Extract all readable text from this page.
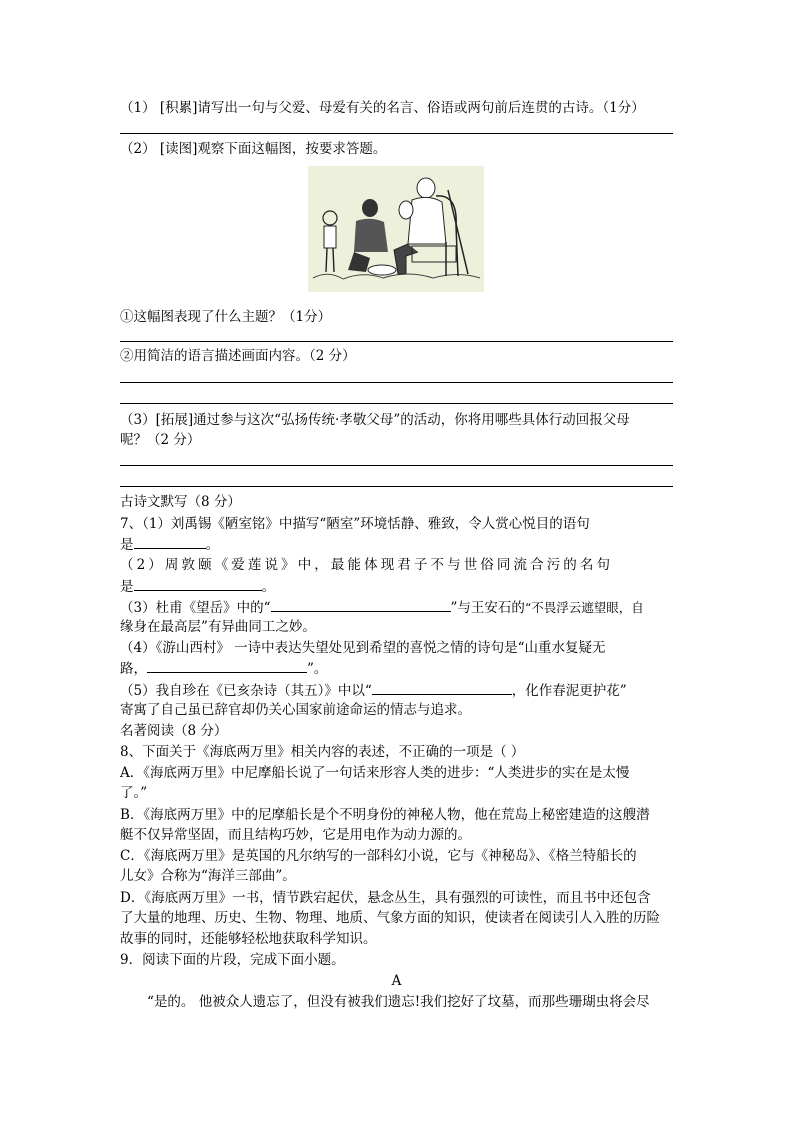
（1） [积累]请写出一句与父爱、母爱有关的名言、俗语或两句前后连贯的古诗。（1分）
（2） [读图]观察下面这幅图，按要求答题。
①这幅图表现了什么主题？（1分）
②用简洁的语言描述画面内容。（2 分）
（3）[拓展]通过参与这次“弘扬传统·孝敬父母”的活动，你将用哪些具体行动回报父母
呢？（2 分）
古诗文默写（8 分）
7、（1）刘禹锡《陋室铭》中描写“陋室”环境恬静、雅致，令人赏心悦目的语句
是	。
（2）周敦颐《爱莲说》中，最能体现君子不与世俗同流合污的名句
是	。
（3）杜甫《望岳》中的“	”与王安石的“不畏浮云遮望眼，自
缘身在最高层”有异曲同工之妙。
（4）《游山西村》 一诗中表达失望处见到希望的喜悦之情的诗句是“山重水复疑无
路，	”。
（5）我自珍在《已亥杂诗（其五）》中以“	，化作春泥更护花”
寄寓了自己虽已辞官却仍关心国家前途命运的情志与追求。
名著阅读（8 分）
8、下面关于《海底两万里》相关内容的表述，不正确的一项是（ ）
A．《海底两万里》中尼摩船长说了一句话来形容人类的进步：“人类进步的实在是太慢
了。”
B．《海底两万里》中的尼摩船长是个不明身份的神秘人物，他在荒岛上秘密建造的这艘潜
艇不仅异常坚固，而且结构巧妙，它是用电作为动力源的。
C．《海底两万里》是英国的凡尔纳写的一部科幻小说，它与《神秘岛》、《格兰特船长的
儿女》合称为“海洋三部曲”。
D．《海底两万里》一书，情节跌宕起伏，悬念丛生，具有强烈的可读性，而且书中还包含
了大量的地理、历史、生物、物理、地质、气象方面的知识，使读者在阅读引人入胜的历险
故事的同时，还能够轻松地获取科学知识。
9．阅读下面的片段，完成下面小题。
A
“是的。 他被众人遗忘了，但没有被我们遗忘!我们挖好了坟墓，而那些珊瑚虫将会尽
